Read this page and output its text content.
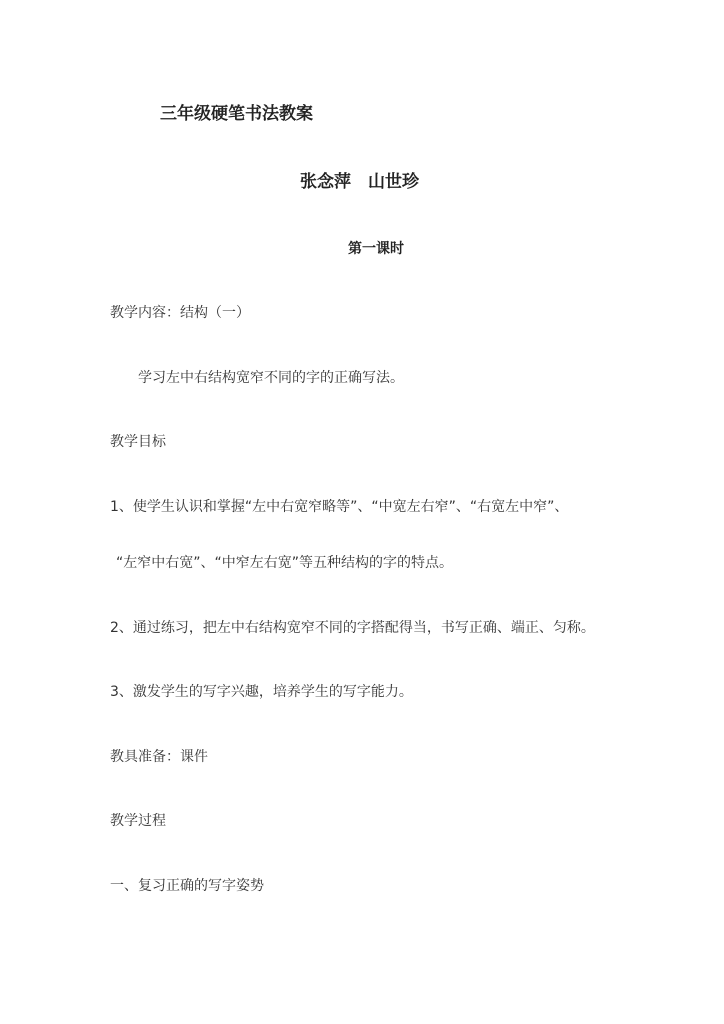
三年级硬笔书法教案
张念萍　山世珍
第一课时
教学内容：结构（一）
学习左中右结构宽窄不同的字的正确写法。
教学目标
1、使学生认识和掌握“左中右宽窄略等”、“中宽左右窄”、“右宽左中窄”、
“左窄中右宽”、“中窄左右宽”等五种结构的字的特点。
2、通过练习，把左中右结构宽窄不同的字搭配得当，书写正确、端正、匀称。
3、激发学生的写字兴趣，培养学生的写字能力。
教具准备：课件
教学过程
一、复习正确的写字姿势
